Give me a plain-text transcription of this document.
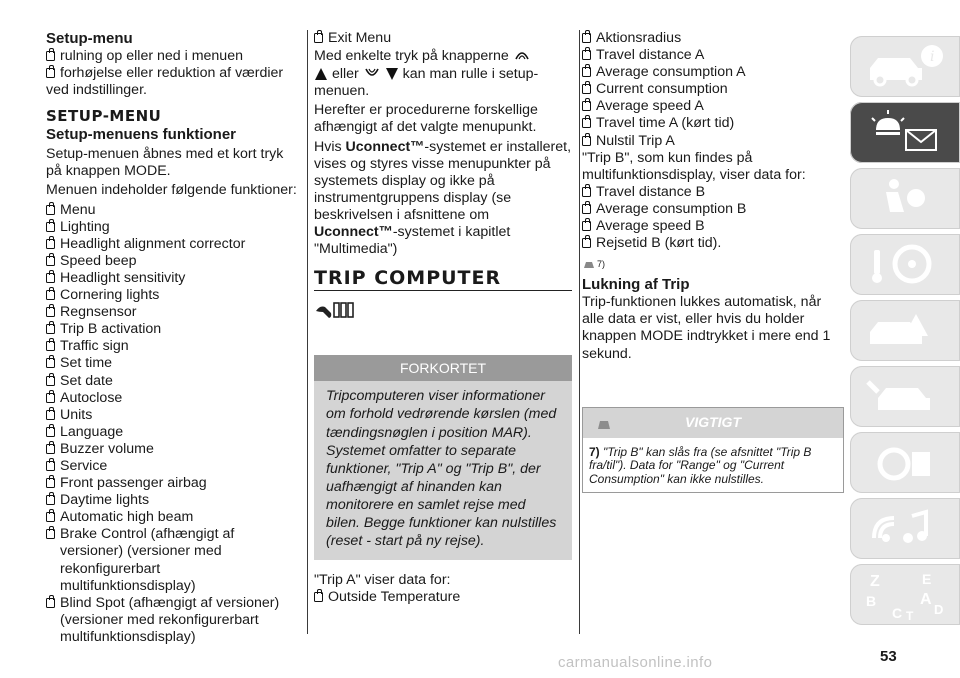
Setup-menu
rulning op eller ned i menuen
forhøjelse eller reduktion af værdier
ved indstillinger.
SETUP-MENU
Setup-menuens funktioner
Setup-menuen åbnes med et kort tryk på knappen MODE.
Menuen indeholder følgende funktioner:
Menu
Lighting
Headlight alignment corrector
Speed beep
Headlight sensitivity
Cornering lights
Regnsensor
Trip B activation
Traffic sign
Set time
Set date
Autoclose
Units
Language
Buzzer volume
Service
Front passenger airbag
Daytime lights
Automatic high beam
Brake Control (afhængigt af versioner) (versioner med rekonfigurerbart multifunktionsdisplay)
Blind Spot (afhængigt af versioner) (versioner med rekonfigurerbart multifunktionsdisplay)
Exit Menu
Med enkelte tryk på knapperne
eller	kan man rulle i setup-menuen.
Herefter er procedurerne forskellige afhængigt af det valgte menupunkt.
Hvis Uconnect™-systemet er installeret, vises og styres visse menupunkter på systemets display og ikke på instrumentgruppens display (se beskrivelsen i afsnittene om Uconnect™-systemet i kapitlet "Multimedia")
TRIP COMPUTER
FORKORTET
Tripcomputeren viser informationer om forhold vedrørende kørslen (med tændingsnøglen i position MAR). Systemet omfatter to separate funktioner, "Trip A" og "Trip B", der uafhængigt af hinanden kan monitorere en samlet rejse med bilen. Begge funktioner kan nulstilles (reset - start på ny rejse).
"Trip A" viser data for:
Outside Temperature
Aktionsradius
Travel distance A
Average consumption A
Current consumption
Average speed A
Travel time A (kørt tid)
Nulstil Trip A
"Trip B", som kun findes på multifunktionsdisplay, viser data for:
Travel distance B
Average consumption B
Average speed B
Rejsetid B (kørt tid).
7)
Lukning af Trip
Trip-funktionen lukkes automatisk, når alle data er vist, eller hvis du holder knappen MODE indtrykket i mere end 1 sekund.
VIGTIGT
7) "Trip B" kan slås fra (se afsnittet "Trip B fra/til"). Data for "Range" og "Current Consumption" kan ikke nulstilles.
i
Z	E
A
B
C D
T
53
carmanualsonline.info
